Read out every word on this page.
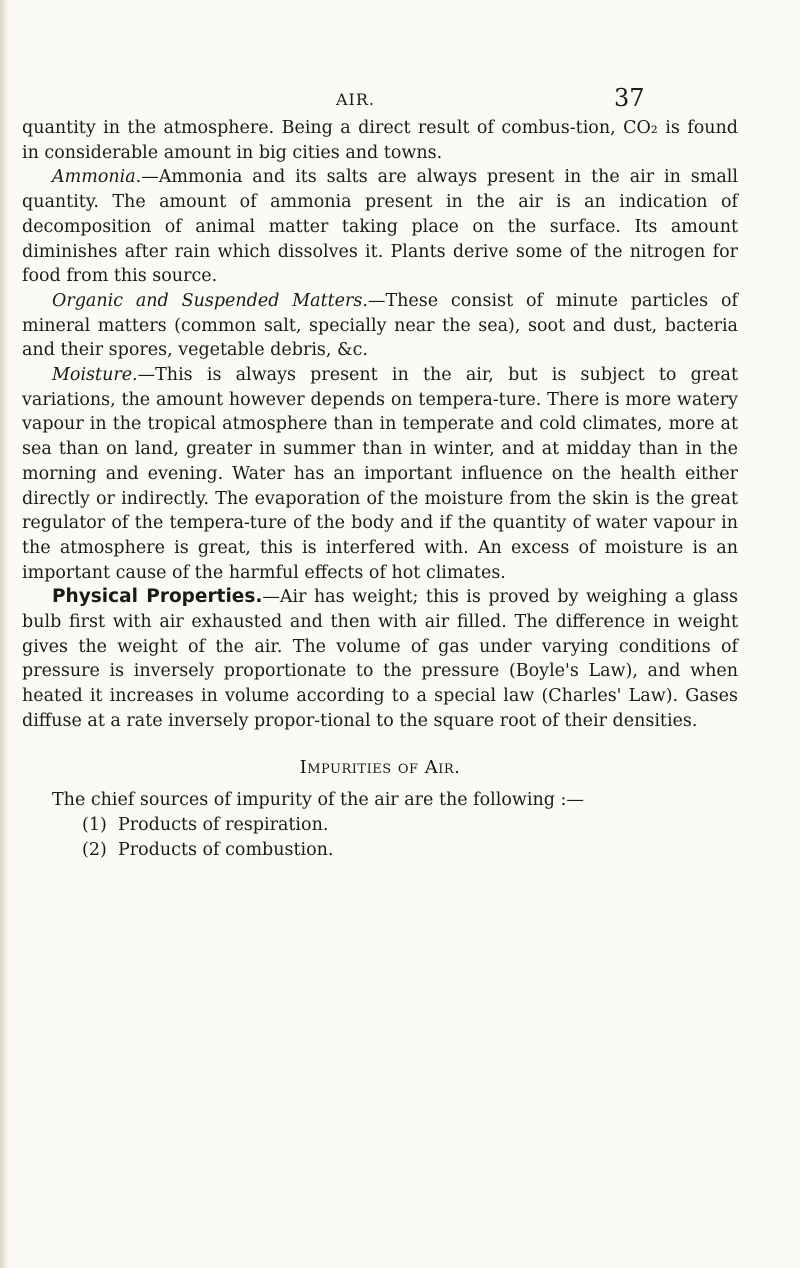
AIR.	37

quantity in the atmosphere. Being a direct result of combus-tion, CO₂ is found in considerable amount in big cities and towns.

Ammonia.—Ammonia and its salts are always present in the air in small quantity. The amount of ammonia present in the air is an indication of decomposition of animal matter taking place on the surface. Its amount diminishes after rain which dissolves it. Plants derive some of the nitrogen for food from this source.

Organic and Suspended Matters.—These consist of minute particles of mineral matters (common salt, specially near the sea), soot and dust, bacteria and their spores, vegetable debris, &c.

Moisture.—This is always present in the air, but is subject to great variations, the amount however depends on tempera-ture. There is more watery vapour in the tropical atmosphere than in temperate and cold climates, more at sea than on land, greater in summer than in winter, and at midday than in the morning and evening. Water has an important influence on the health either directly or indirectly. The evaporation of the moisture from the skin is the great regulator of the tempera-ture of the body and if the quantity of water vapour in the atmosphere is great, this is interfered with. An excess of moisture is an important cause of the harmful effects of hot climates.

Physical Properties.—Air has weight; this is proved by weighing a glass bulb first with air exhausted and then with air filled. The difference in weight gives the weight of the air. The volume of gas under varying conditions of pressure is inversely proportionate to the pressure (Boyle's Law), and when heated it increases in volume according to a special law (Charles' Law). Gases diffuse at a rate inversely propor-tional to the square root of their densities.

Impurities of Air.

The chief sources of impurity of the air are the following :—

(1) Products of respiration.
(2) Products of combustion.
